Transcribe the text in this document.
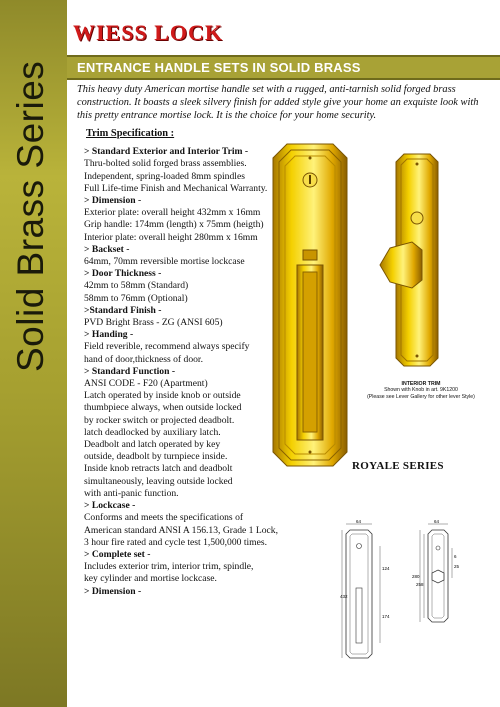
Solid Brass Series
WIESS LOCK
ENTRANCE HANDLE SETS IN SOLID BRASS
This heavy duty American mortise handle set with a rugged, anti-tarnish solid forged brass construction. It boasts a sleek silvery finish for added style give your home an exquiste look with this pretty entrance mortise lock. It is the choice for your home security.
Trim Specification :

> Standard Exterior and Interior Trim -

Thru-bolted solid forged brass assemblies.

Independent, spring-loaded 8mm spindles

Full Life-time Finish and Mechanical Warranty.

> Dimension -

Exterior plate: overall height 432mm x 16mm

Grip handle: 174mm (length) x 75mm (heigth)

Interior plate: overall height 280mm x 16mm

> Backset -

64mm, 70mm reversible mortise lockcase

> Door Thickness -

42mm to 58mm (Standard)

58mm to 76mm (Optional)

>Standard Finish -

PVD Bright Brass - ZG (ANSI 605)

> Handing -

Field reverible, recommend always specify

hand of door,thickness of door.

> Standard Function -

ANSI CODE - F20 (Apartment)

Latch operated by inside knob or outside

thumbpiece always, when outside locked

by rocker switch or projected deadbolt.

latch deadlocked by auxiliary latch.

Deadbolt and latch operated by key

outside, deadbolt by turnpiece inside.

Inside knob retracts latch and deadbolt

simultaneously, leaving outside locked

with anti-panic function.

> Lockcase -

Conforms and meets the specifications of

American standard ANSI A 156.13, Grade 1 Lock,

3 hour fire rated and cycle test 1,500,000 times.

> Complete set -

Includes exterior trim, interior trim, spindle,

key cylinder and mortise lockcase.

> Dimension -

INTERIOR TRIM
Shown with Knob in art. 9K1200
(Please see Lever Gallery for other lever Style)
ROYALE SERIES
64	64
124
280
258
432
174
6
25
